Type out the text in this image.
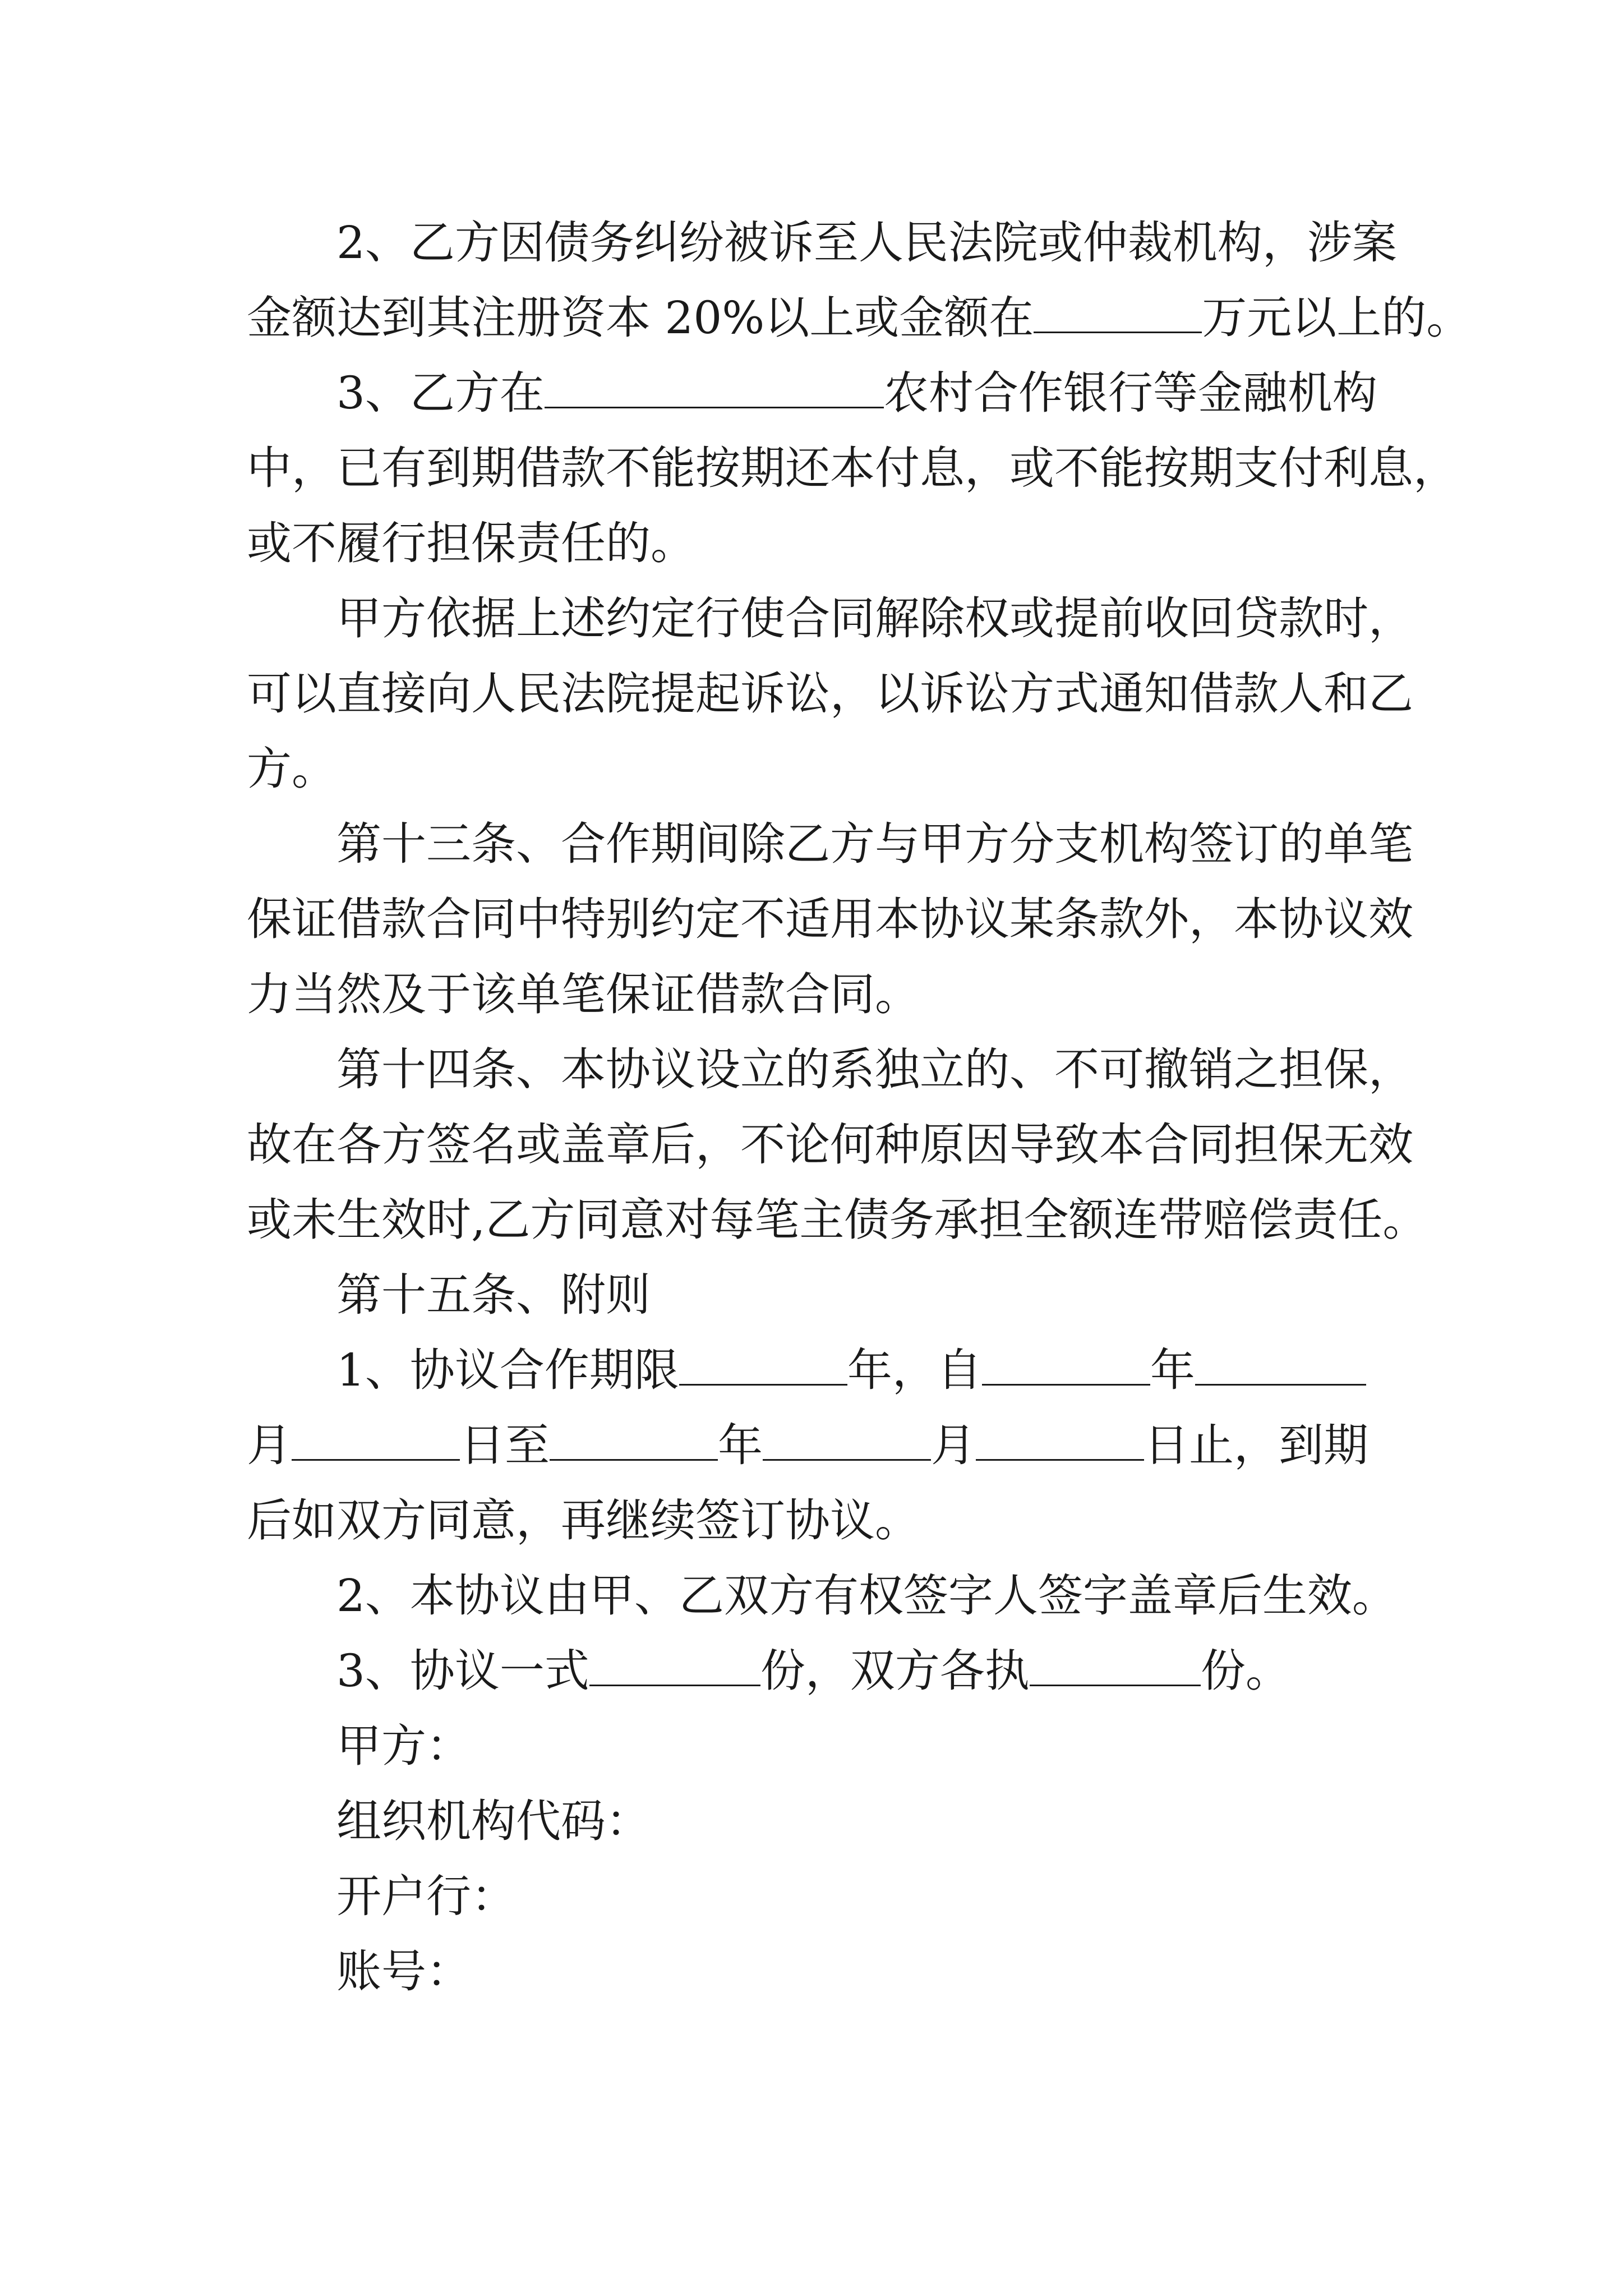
2、乙方因债务纠纷被诉至人民法院或仲裁机构，涉案
金额达到其注册资本 20%以上或金额在	万元以上的。
3、乙方在	农村合作银行等金融机构
中，已有到期借款不能按期还本付息，或不能按期支付利息，
或不履行担保责任的。
甲方依据上述约定行使合同解除权或提前收回贷款时，
可以直接向人民法院提起诉讼，以诉讼方式通知借款人和乙
方。
第十三条、合作期间除乙方与甲方分支机构签订的单笔
保证借款合同中特别约定不适用本协议某条款外，本协议效
力当然及于该单笔保证借款合同。
第十四条、本协议设立的系独立的、不可撤销之担保，
故在各方签名或盖章后，不论何种原因导致本合同担保无效
或未生效时,乙方同意对每笔主债务承担全额连带赔偿责任。
第十五条、附则
1、协议合作期限	年，自	年
月	日至	年	月	日止，到期
后如双方同意，再继续签订协议。
2、本协议由甲、乙双方有权签字人签字盖章后生效。
3、协议一式	份，双方各执	份。
甲方：
组织机构代码：
开户行：
账号：
